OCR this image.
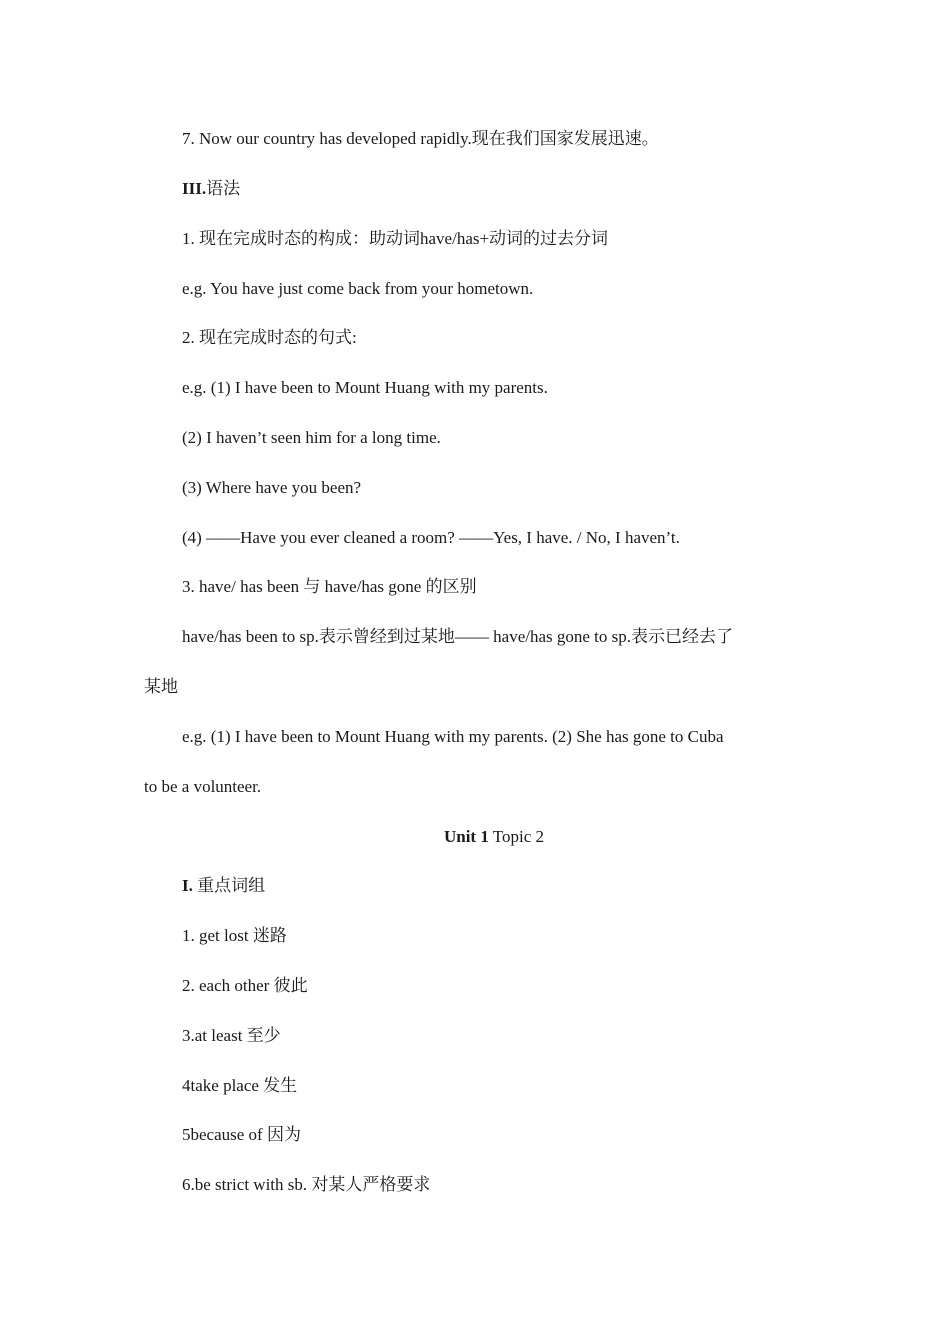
7. Now our country has developed rapidly.现在我们国家发展迅速。
III.语法
1. 现在完成时态的构成：助动词have/has+动词的过去分词
e.g. You have just come back from your hometown.
2. 现在完成时态的句式:
e.g. (1) I have been to Mount Huang with my parents.
(2) I haven’t seen him for a long time.
(3) Where have you been?
(4) ——Have you ever cleaned a room? ——Yes, I have. / No, I haven’t.
3. have/ has been 与 have/has gone 的区别
have/has been to sp.表示曾经到过某地—— have/has gone to sp.表示已经去了
某地
e.g. (1) I have been to Mount Huang with my parents. (2) She has gone to Cuba
to be a volunteer.
Unit 1 Topic 2
I. 重点词组
1. get lost 迷路
2. each other 彼此
3.at least 至少
4take place 发生
5because of 因为
6.be strict with sb. 对某人严格要求
